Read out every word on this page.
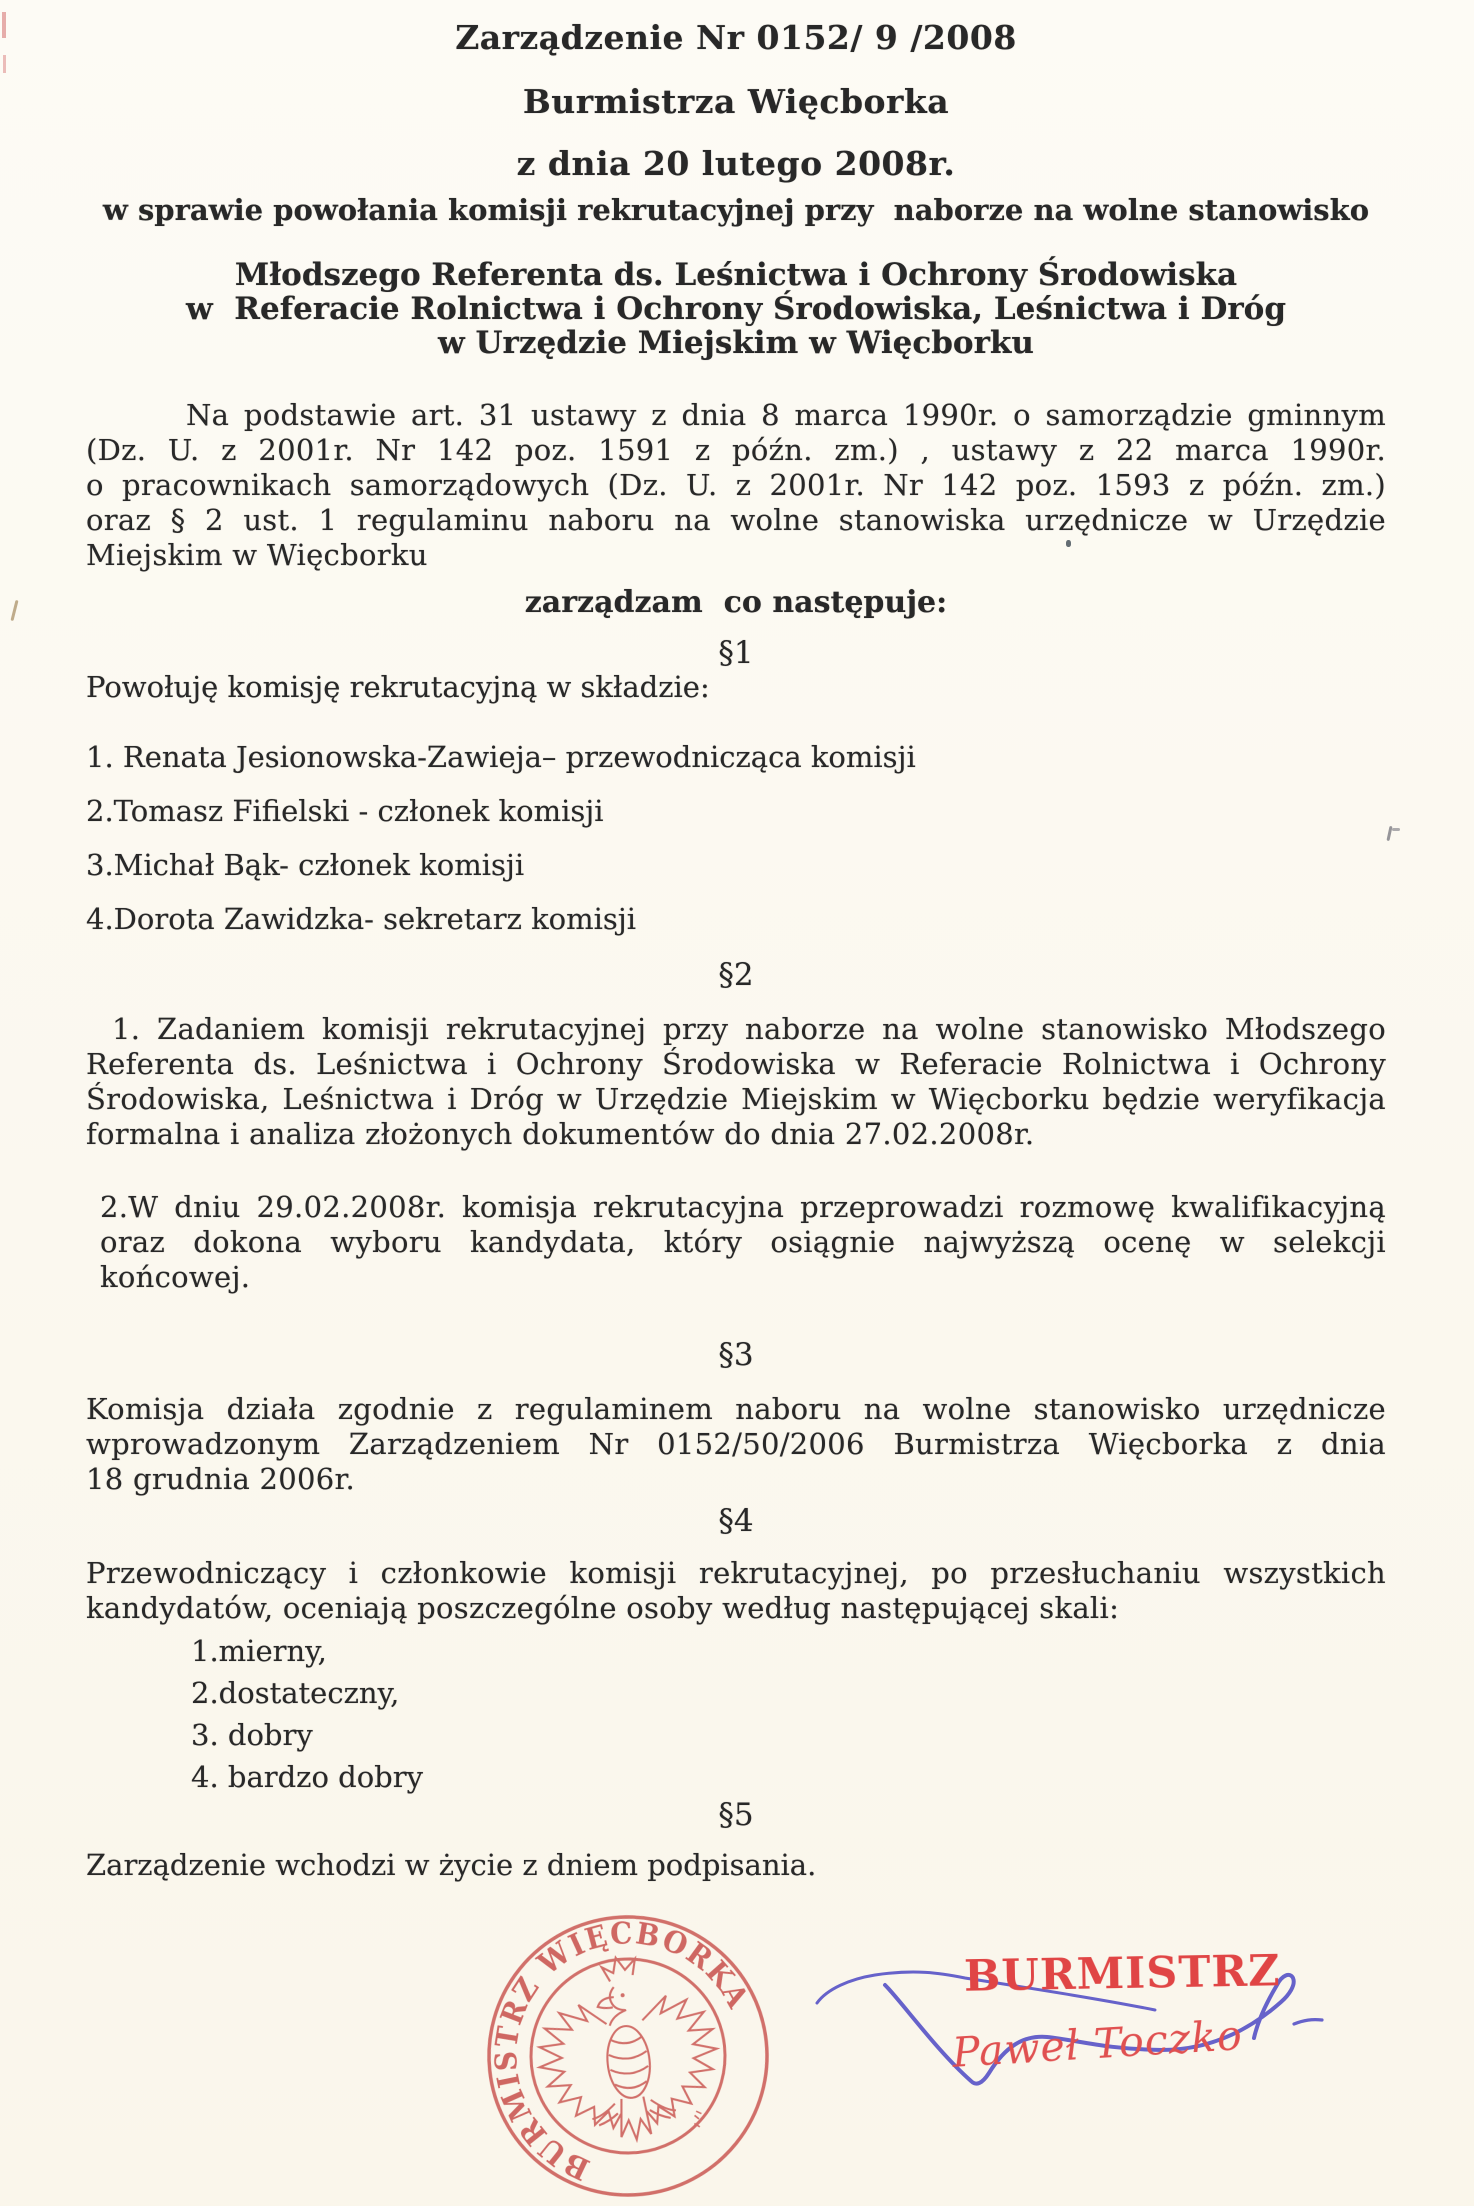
Zarządzenie Nr 0152/ 9 /2008
Burmistrza Więcborka
z dnia 20 lutego 2008r.
w sprawie powołania komisji rekrutacyjnej przy  naborze na wolne stanowisko
Młodszego Referenta ds. Leśnictwa i Ochrony Środowiska
w  Referacie Rolnictwa i Ochrony Środowiska, Leśnictwa i Dróg
w Urzędzie Miejskim w Więcborku
Na podstawie art. 31 ustawy z dnia 8 marca 1990r. o samorządzie gminnym
(Dz. U. z 2001r. Nr 142 poz. 1591 z późn. zm.) , ustawy z 22 marca 1990r.
o pracownikach samorządowych (Dz. U. z 2001r. Nr 142 poz. 1593 z późn. zm.)
oraz § 2 ust. 1 regulaminu naboru na wolne stanowiska urzędnicze w Urzędzie
Miejskim w Więcborku
zarządzam  co następuje:
§1
Powołuję komisję rekrutacyjną w składzie:
1. Renata Jesionowska-Zawieja– przewodnicząca komisji
2.Tomasz Fifielski - członek komisji
3.Michał Bąk- członek komisji
4.Dorota Zawidzka- sekretarz komisji
§2
1. Zadaniem komisji rekrutacyjnej przy naborze na wolne stanowisko Młodszego
Referenta ds. Leśnictwa i Ochrony Środowiska w Referacie Rolnictwa i Ochrony
Środowiska, Leśnictwa i Dróg w Urzędzie Miejskim w Więcborku będzie weryfikacja
formalna i analiza złożonych dokumentów do dnia 27.02.2008r.
2.W dniu 29.02.2008r. komisja rekrutacyjna przeprowadzi rozmowę kwalifikacyjną
oraz dokona wyboru kandydata, który osiągnie najwyższą ocenę w selekcji
końcowej.
§3
Komisja działa zgodnie z regulaminem naboru na wolne stanowisko urzędnicze
wprowadzonym Zarządzeniem Nr 0152/50/2006 Burmistrza Więcborka z dnia
18 grudnia 2006r.
§4
Przewodniczący i członkowie komisji rekrutacyjnej, po przesłuchaniu wszystkich
kandydatów, oceniają poszczególne osoby według następującej skali:
1.mierny,
2.dostateczny,
3. dobry
4. bardzo dobry
§5
Zarządzenie wchodzi w życie z dniem podpisania.
BURMISTRZ WIĘCBORKA	BURMISTRZ
Paweł Toczko
